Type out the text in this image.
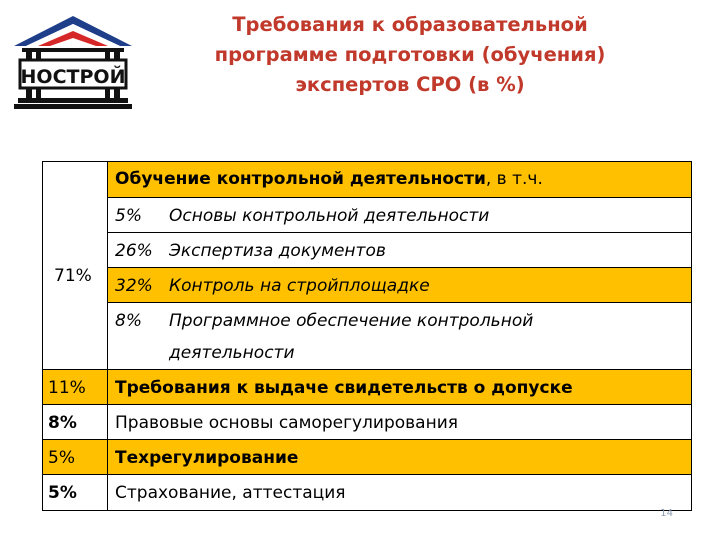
НОСТРОЙ
Требования к образовательной
программе подготовки (обучения)
экспертов СРО (в %)
Обучение контрольной деятельности, в т.ч.
71%
5% Основы контрольной деятельности
26% Экспертиза документов
32% Контроль на стройплощадке
8% Программное обеспечение контрольной
деятельности
11% Требования к выдаче свидетельств о допуске
8% Правовые основы саморегулирования
5% Техрегулирование
5% Страхование, аттестация
14
